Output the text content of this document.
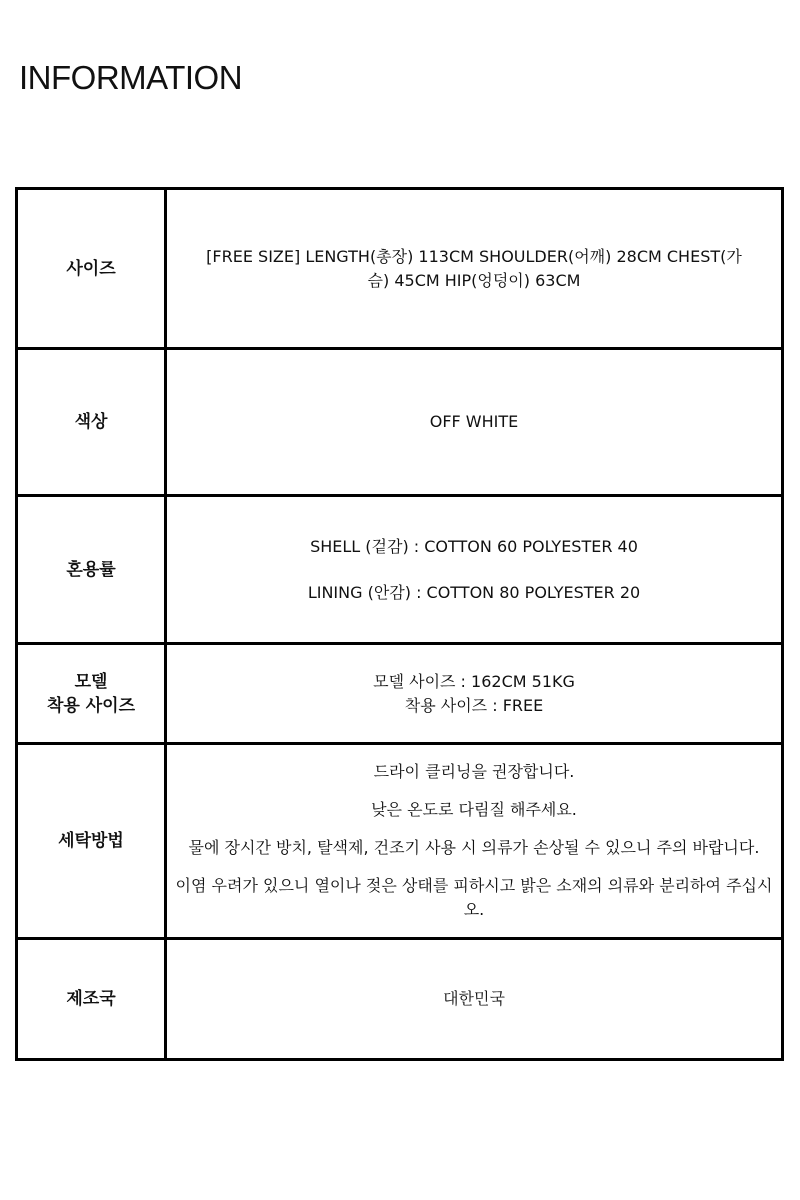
INFORMATION
사이즈	[FREE SIZE] LENGTH(총장) 113CM SHOULDER(어깨) 28CM CHEST(가
슴) 45CM HIP(엉덩이) 63CM

색상	OFF WHITE
혼용률	SHELL (겉감) : COTTON 60 POLYESTER 40
LINING (안감) : COTTON 80 POLYESTER 20

모델
착용 사이즈	모델 사이즈 : 162CM 51KG
착용 사이즈 : FREE

세탁방법	드라이 클리닝을 권장합니다.
낮은 온도로 다림질 해주세요.
물에 장시간 방치, 탈색제, 건조기 사용 시 의류가 손상될 수 있으니 주의 바랍니다.
이염 우려가 있으니 열이나 젖은 상태를 피하시고 밝은 소재의 의류와 분리하여 주십시오.

제조국	대한민국
